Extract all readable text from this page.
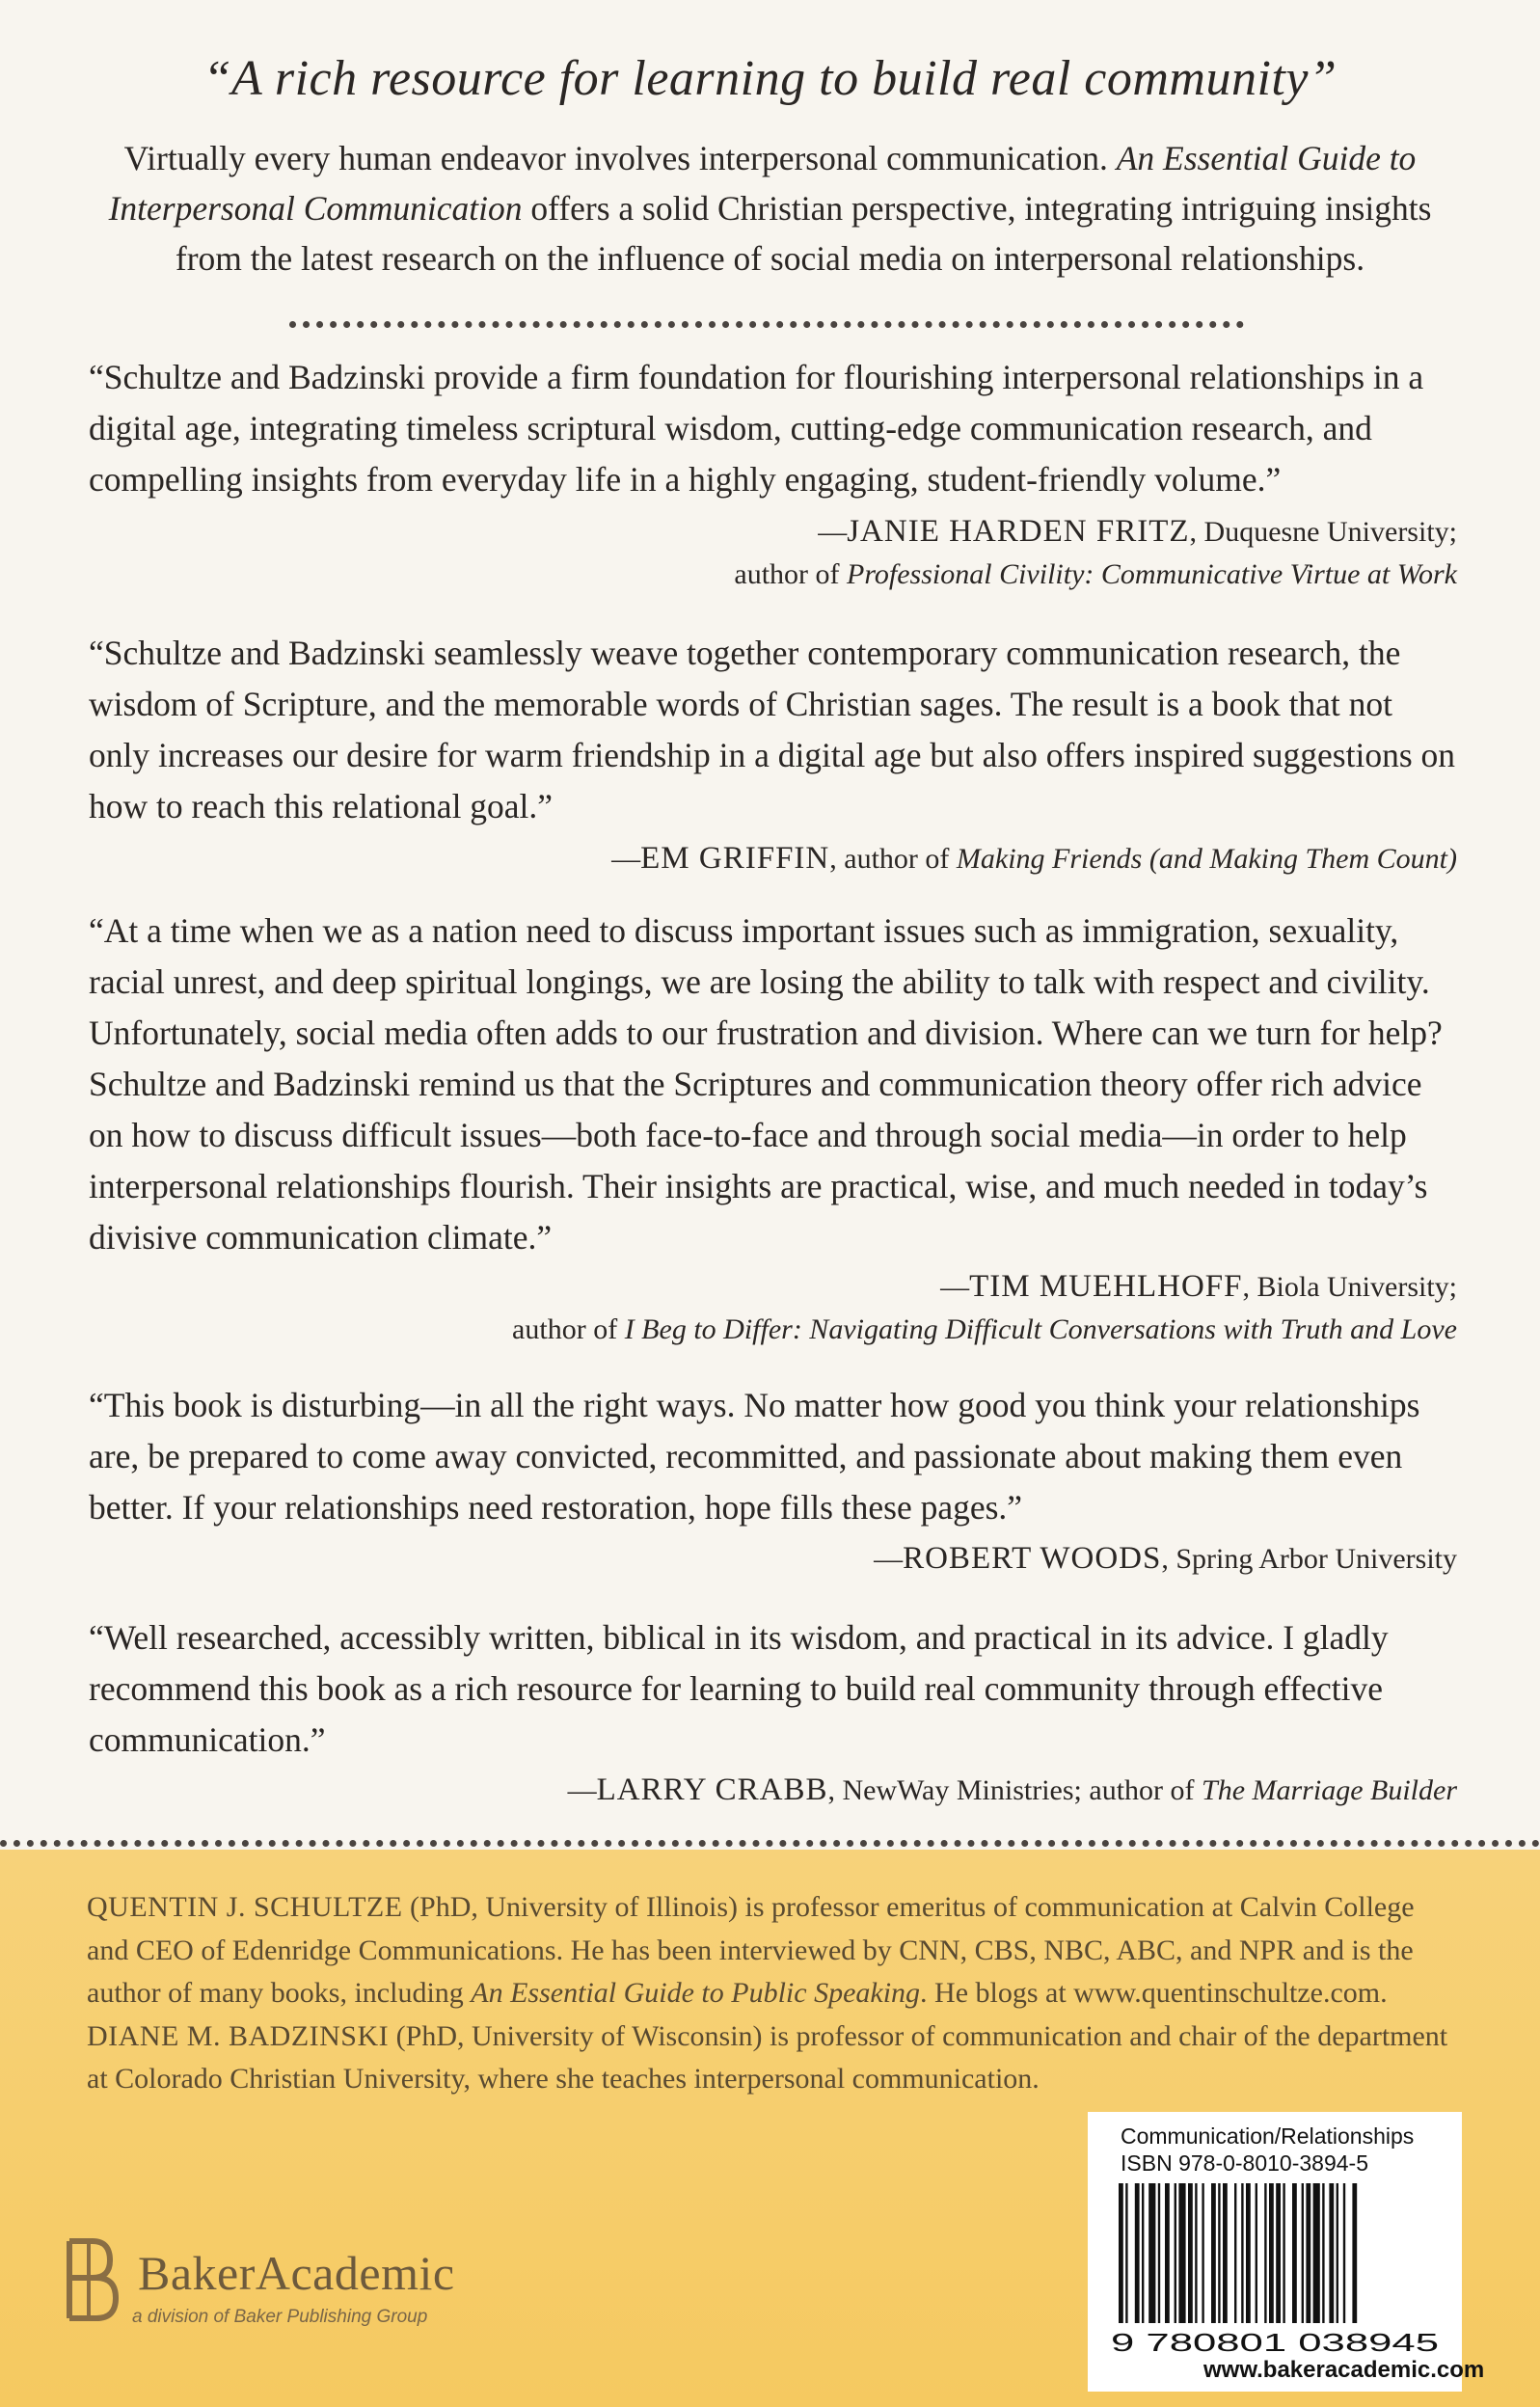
“A rich resource for learning to build real community”
Virtually every human endeavor involves interpersonal communication. An Essential Guide to Interpersonal Communication offers a solid Christian perspective, integrating intriguing insights from the latest research on the influence of social media on interpersonal relationships.
“Schultze and Badzinski provide a firm foundation for flourishing interpersonal relationships in a digital age, integrating timeless scriptural wisdom, cutting-edge communication research, and compelling insights from everyday life in a highly engaging, student-friendly volume.”
—JANIE HARDEN FRITZ, Duquesne University;
author of Professional Civility: Communicative Virtue at Work
“Schultze and Badzinski seamlessly weave together contemporary communication research, the wisdom of Scripture, and the memorable words of Christian sages. The result is a book that not only increases our desire for warm friendship in a digital age but also offers inspired suggestions on how to reach this relational goal.”
—EM GRIFFIN, author of Making Friends (and Making Them Count)
“At a time when we as a nation need to discuss important issues such as immigration, sexuality, racial unrest, and deep spiritual longings, we are losing the ability to talk with respect and civility. Unfortunately, social media often adds to our frustration and division. Where can we turn for help? Schultze and Badzinski remind us that the Scriptures and communication theory offer rich advice on how to discuss difficult issues—both face-to-face and through social media—in order to help interpersonal relationships flourish. Their insights are practical, wise, and much needed in today’s divisive communication climate.”
—TIM MUEHLHOFF, Biola University;
author of I Beg to Differ: Navigating Difficult Conversations with Truth and Love
“This book is disturbing—in all the right ways. No matter how good you think your relationships are, be prepared to come away convicted, recommitted, and passionate about making them even better. If your relationships need restoration, hope fills these pages.”
—ROBERT WOODS, Spring Arbor University
“Well researched, accessibly written, biblical in its wisdom, and practical in its advice. I gladly recommend this book as a rich resource for learning to build real community through effective communication.”
—LARRY CRABB, NewWay Ministries; author of The Marriage Builder
QUENTIN J. SCHULTZE (PhD, University of Illinois) is professor emeritus of communication at Calvin College and CEO of Edenridge Communications. He has been interviewed by CNN, CBS, NBC, ABC, and NPR and is the author of many books, including An Essential Guide to Public Speaking. He blogs at www.quentinschultze.com. DIANE M. BADZINSKI (PhD, University of Wisconsin) is professor of communication and chair of the department at Colorado Christian University, where she teaches interpersonal communication.
BakerAcademic
a division of Baker Publishing Group
Communication/Relationships
ISBN 978-0-8010-3894-5
9 780801 038945
www.bakeracademic.com
